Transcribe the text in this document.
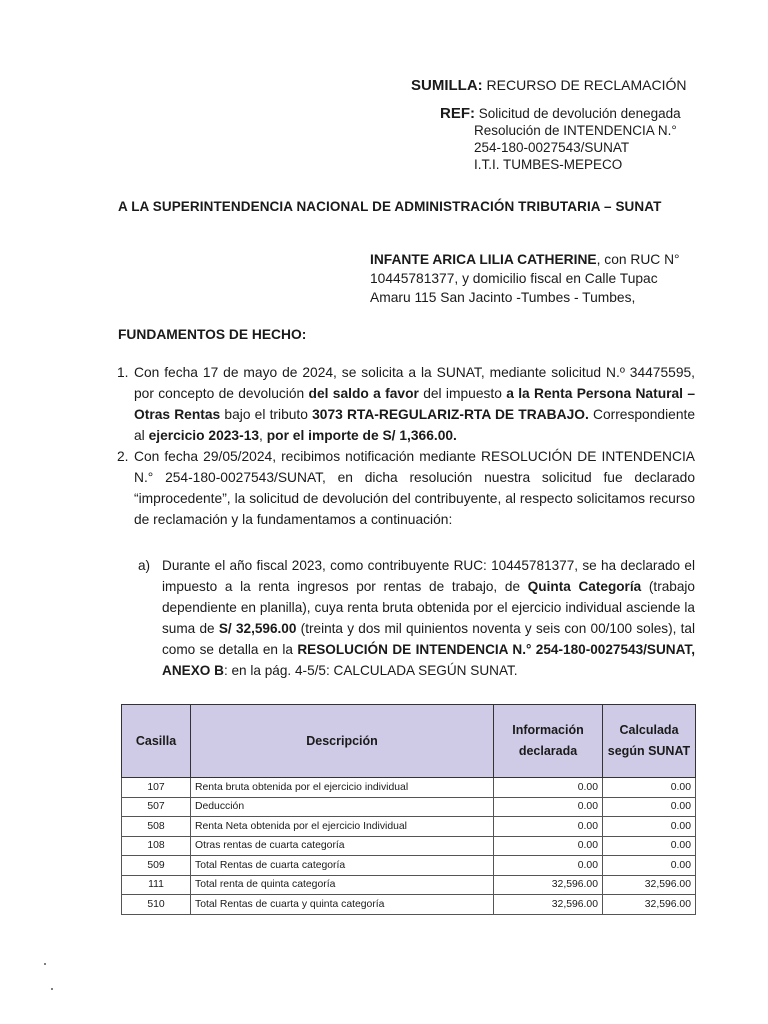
SUMILLA: RECURSO DE RECLAMACIÓN
REF: Solicitud de devolución denegada
Resolución de INTENDENCIA N.°
254-180-0027543/SUNAT
I.T.I. TUMBES-MEPECO
A LA SUPERINTENDENCIA NACIONAL DE ADMINISTRACIÓN TRIBUTARIA – SUNAT
INFANTE ARICA LILIA CATHERINE, con RUC N° 10445781377, y domicilio fiscal en Calle Tupac Amaru 115 San Jacinto -Tumbes - Tumbes,
FUNDAMENTOS DE HECHO:
1. Con fecha 17 de mayo de 2024, se solicita a la SUNAT, mediante solicitud N.º 34475595, por concepto de devolución del saldo a favor del impuesto a la Renta Persona Natural – Otras Rentas bajo el tributo 3073 RTA-REGULARIZ-RTA DE TRABAJO. Correspondiente al ejercicio 2023-13, por el importe de S/ 1,366.00.
2. Con fecha 29/05/2024, recibimos notificación mediante RESOLUCIÓN DE INTENDENCIA N.° 254-180-0027543/SUNAT, en dicha resolución nuestra solicitud fue declarado “improcedente”, la solicitud de devolución del contribuyente, al respecto solicitamos recurso de reclamación y la fundamentamos a continuación:
a) Durante el año fiscal 2023, como contribuyente RUC: 10445781377, se ha declarado el impuesto a la renta ingresos por rentas de trabajo, de Quinta Categoría (trabajo dependiente en planilla), cuya renta bruta obtenida por el ejercicio individual asciende la suma de S/ 32,596.00 (treinta y dos mil quinientos noventa y seis con 00/100 soles), tal como se detalla en la RESOLUCIÓN DE INTENDENCIA N.° 254-180-0027543/SUNAT, ANEXO B: en la pág. 4-5/5: CALCULADA SEGÚN SUNAT.
Casilla	Descripción	Información declarada	Calculada según SUNAT
107	Renta bruta obtenida por el ejercicio individual	0.00	0.00
507	Deducción	0.00	0.00
508	Renta Neta obtenida por el ejercicio Individual	0.00	0.00
108	Otras rentas de cuarta categoría	0.00	0.00
509	Total Rentas de cuarta categoría	0.00	0.00
111	Total renta de quinta categoría	32,596.00	32,596.00
510	Total Rentas de cuarta y quinta categoría	32,596.00	32,596.00
